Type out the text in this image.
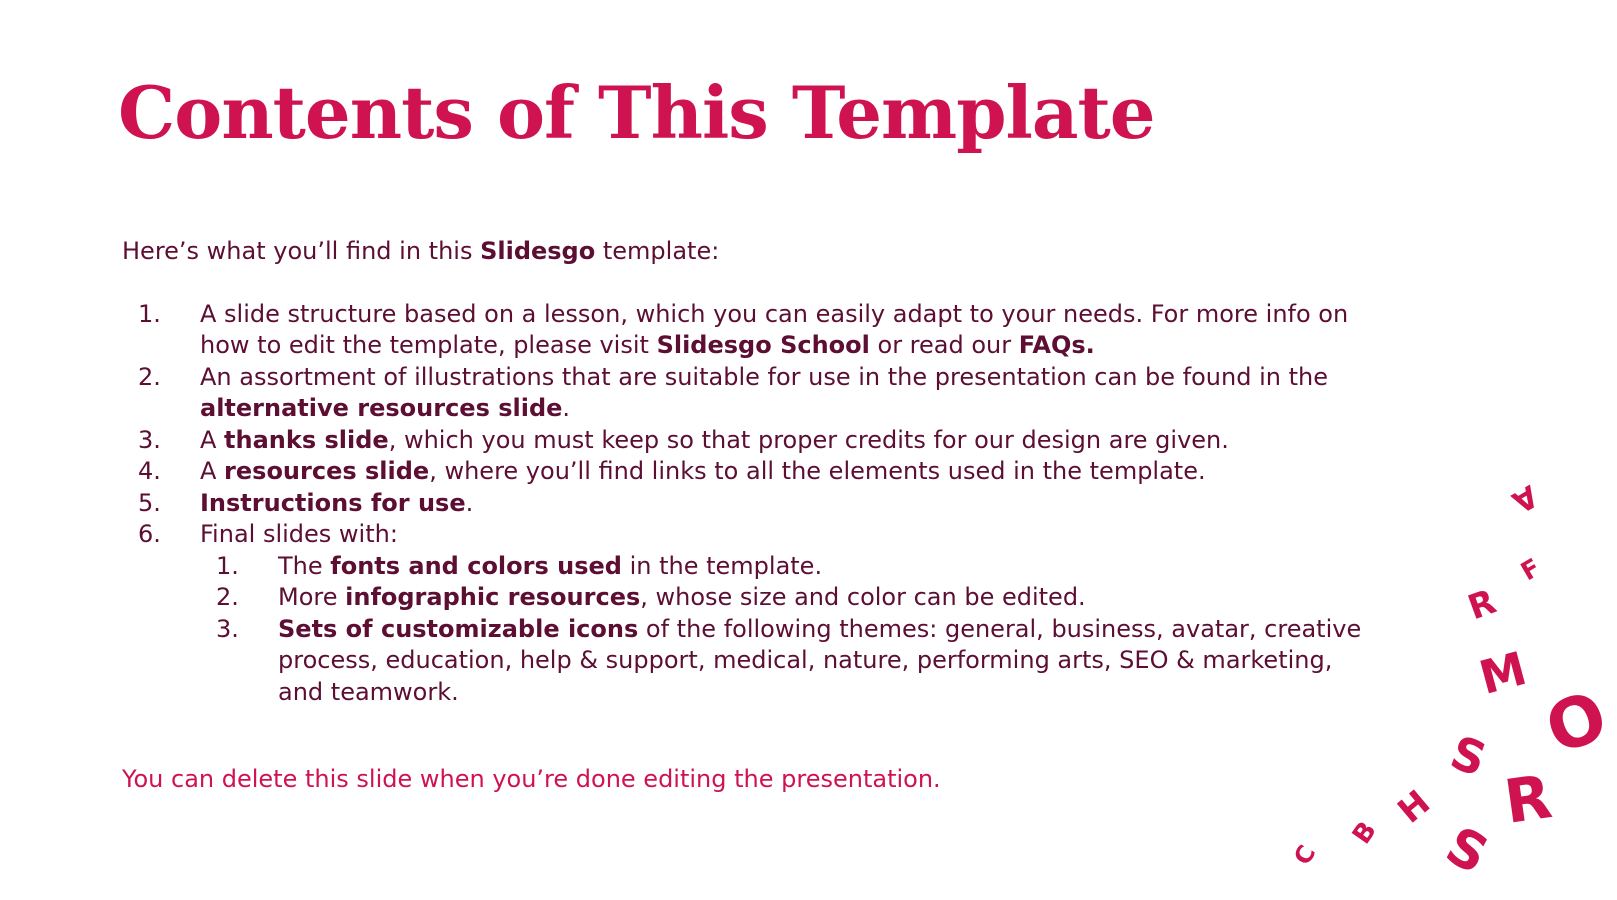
Contents of This Template

Here’s what you’ll find in this Slidesgo template:

1. A slide structure based on a lesson, which you can easily adapt to your needs. For more info on how to edit the template, please visit Slidesgo School or read our FAQs.
2. An assortment of illustrations that are suitable for use in the presentation can be found in the alternative resources slide.
3. A thanks slide, which you must keep so that proper credits for our design are given.
4. A resources slide, where you’ll find links to all the elements used in the template.
5. Instructions for use.
6. Final slides with:
1. The fonts and colors used in the template.
2. More infographic resources, whose size and color can be edited.
3. Sets of customizable icons of the following themes: general, business, avatar, creative process, education, help & support, medical, nature, performing arts, SEO & marketing, and teamwork.

You can delete this slide when you’re done editing the presentation.

A
F
R
M
O
S
R
H
B S
C
